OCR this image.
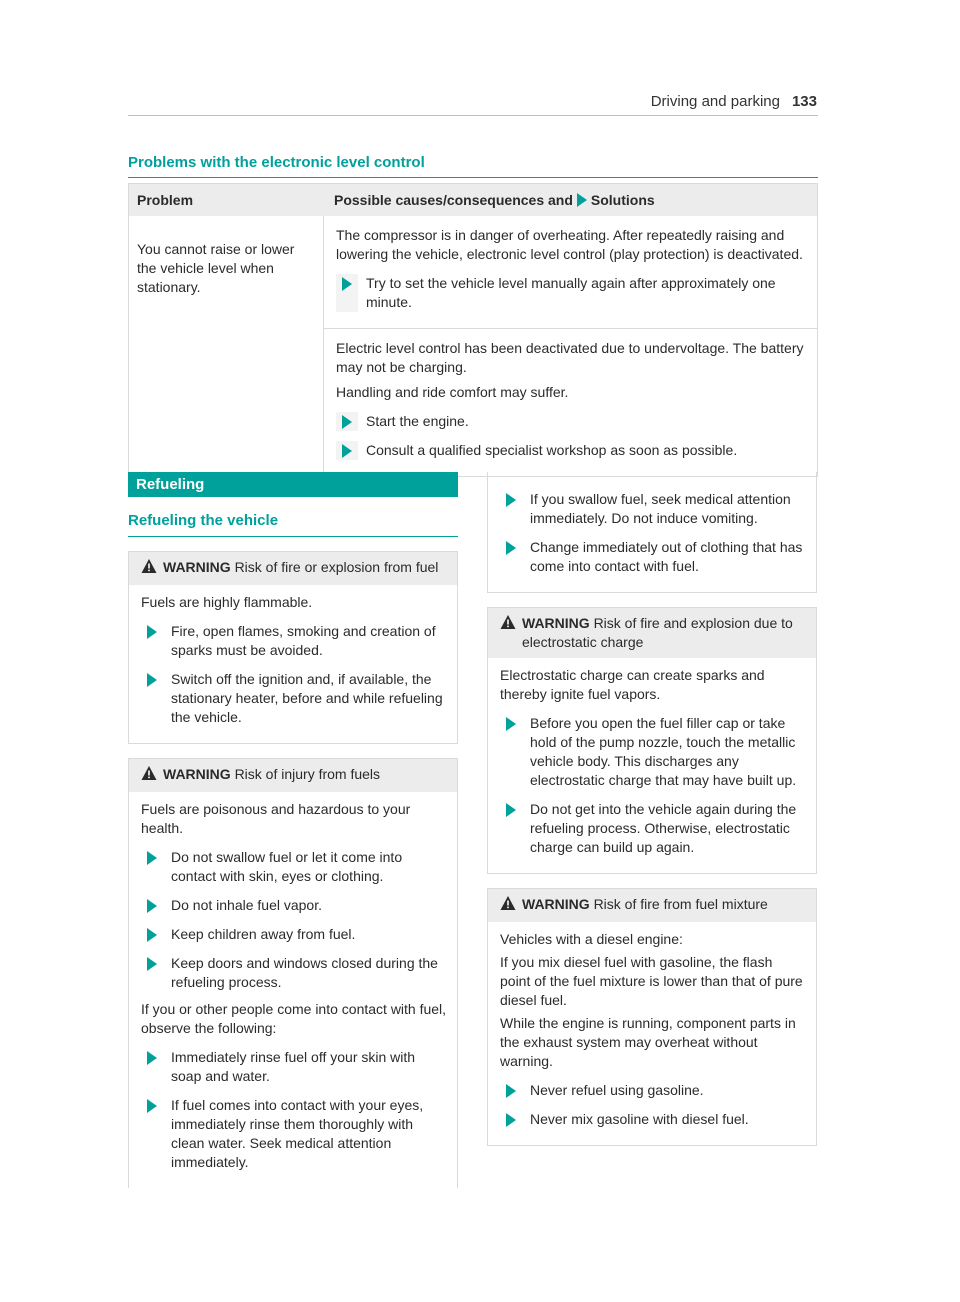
Driving and parking 133
Problems with the electronic level control
Problem	Possible causes/consequences and Solutions
You cannot raise or lower the vehicle level when stationary.

The compressor is in danger of overheating. After repeatedly raising and lowering the vehicle, electronic level control (play protection) is deactivated.

Try to set the vehicle level manually again after approximately one minute.

Electric level control has been deactivated due to undervoltage. The battery may not be charging.

Handling and ride comfort may suffer.

Start the engine.
Consult a qualified specialist workshop as soon as possible.
Refueling
Refueling the vehicle
WARNING Risk of fire or explosion from fuel

Fuels are highly flammable.

Fire, open flames, smoking and creation of sparks must be avoided.
Switch off the ignition and, if available, the stationary heater, before and while refueling the vehicle.
WARNING Risk of injury from fuels

Fuels are poisonous and hazardous to your health.

Do not swallow fuel or let it come into contact with skin, eyes or clothing.
Do not inhale fuel vapor.
Keep children away from fuel.
Keep doors and windows closed during the refueling process.

If you or other people come into contact with fuel, observe the following:

Immediately rinse fuel off your skin with soap and water.
If fuel comes into contact with your eyes, immediately rinse them thoroughly with clean water. Seek medical attention immediately.
If you swallow fuel, seek medical attention immediately. Do not induce vomiting.
Change immediately out of clothing that has come into contact with fuel.
WARNING Risk of fire and explosion due to electrostatic charge

Electrostatic charge can create sparks and thereby ignite fuel vapors.

Before you open the fuel filler cap or take hold of the pump nozzle, touch the metallic vehicle body. This discharges any electrostatic charge that may have built up.
Do not get into the vehicle again during the refueling process. Otherwise, electrostatic charge can build up again.
WARNING Risk of fire from fuel mixture

Vehicles with a diesel engine:

If you mix diesel fuel with gasoline, the flash point of the fuel mixture is lower than that of pure diesel fuel.

While the engine is running, component parts in the exhaust system may overheat without warning.

Never refuel using gasoline.
Never mix gasoline with diesel fuel.
